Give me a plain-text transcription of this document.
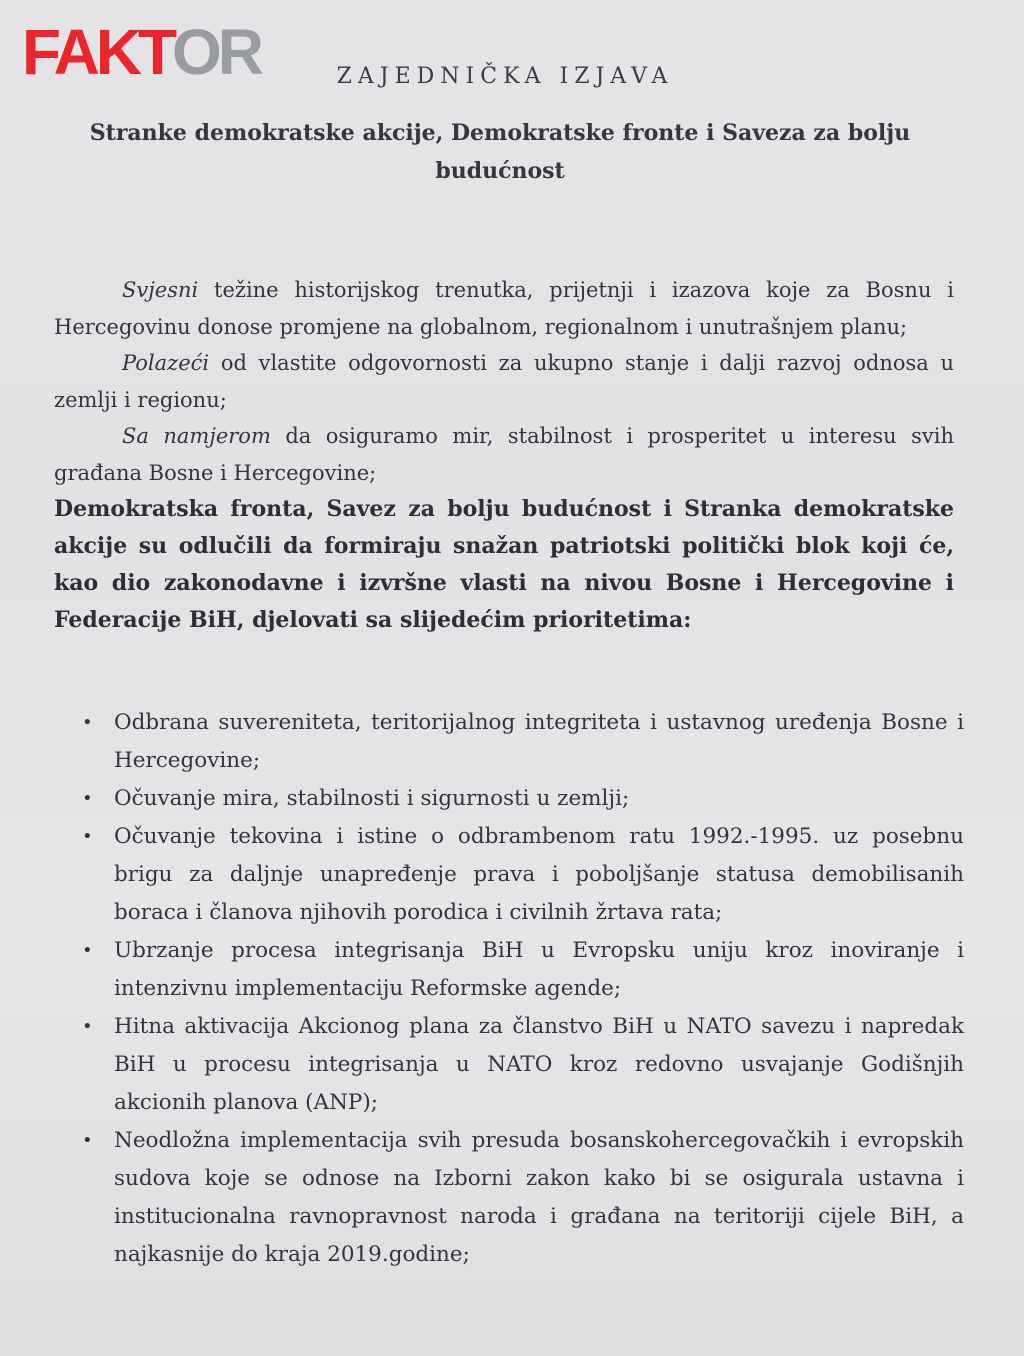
FAKTOR	ZAJEDNIČKA IZJAVA
Stranke demokratske akcije, Demokratske fronte i Saveza za bolju budućnost

Svjesni težine historijskog trenutka, prijetnji i izazova koje za Bosnu i Hercegovinu donose promjene na globalnom, regionalnom i unutrašnjem planu;

Polazeći od vlastite odgovornosti za ukupno stanje i dalji razvoj odnosa u zemlji i regionu;

Sa namjerom da osiguramo mir, stabilnost i prosperitet u interesu svih građana Bosne i Hercegovine;

Demokratska fronta, Savez za bolju budućnost i Stranka demokratske akcije su odlučili da formiraju snažan patriotski politički blok koji će, kao dio zakonodavne i izvršne vlasti na nivou Bosne i Hercegovine i Federacije BiH, djelovati sa slijedećim prioritetima:

• Odbrana suvereniteta, teritorijalnog integriteta i ustavnog uređenja Bosne i Hercegovine;
• Očuvanje mira, stabilnosti i sigurnosti u zemlji;
• Očuvanje tekovina i istine o odbrambenom ratu 1992.-1995. uz posebnu brigu za daljnje unapređenje prava i poboljšanje statusa demobilisanih boraca i članova njihovih porodica i civilnih žrtava rata;
• Ubrzanje procesa integrisanja BiH u Evropsku uniju kroz inoviranje i intenzivnu implementaciju Reformske agende;
• Hitna aktivacija Akcionog plana za članstvo BiH u NATO savezu i napredak BiH u procesu integrisanja u NATO kroz redovno usvajanje Godišnjih akcionih planova (ANP);
• Neodložna implementacija svih presuda bosanskohercegovačkih i evropskih sudova koje se odnose na Izborni zakon kako bi se osigurala ustavna i institucionalna ravnopravnost naroda i građana na teritoriji cijele BiH, a najkasnije do kraja 2019.godine;
